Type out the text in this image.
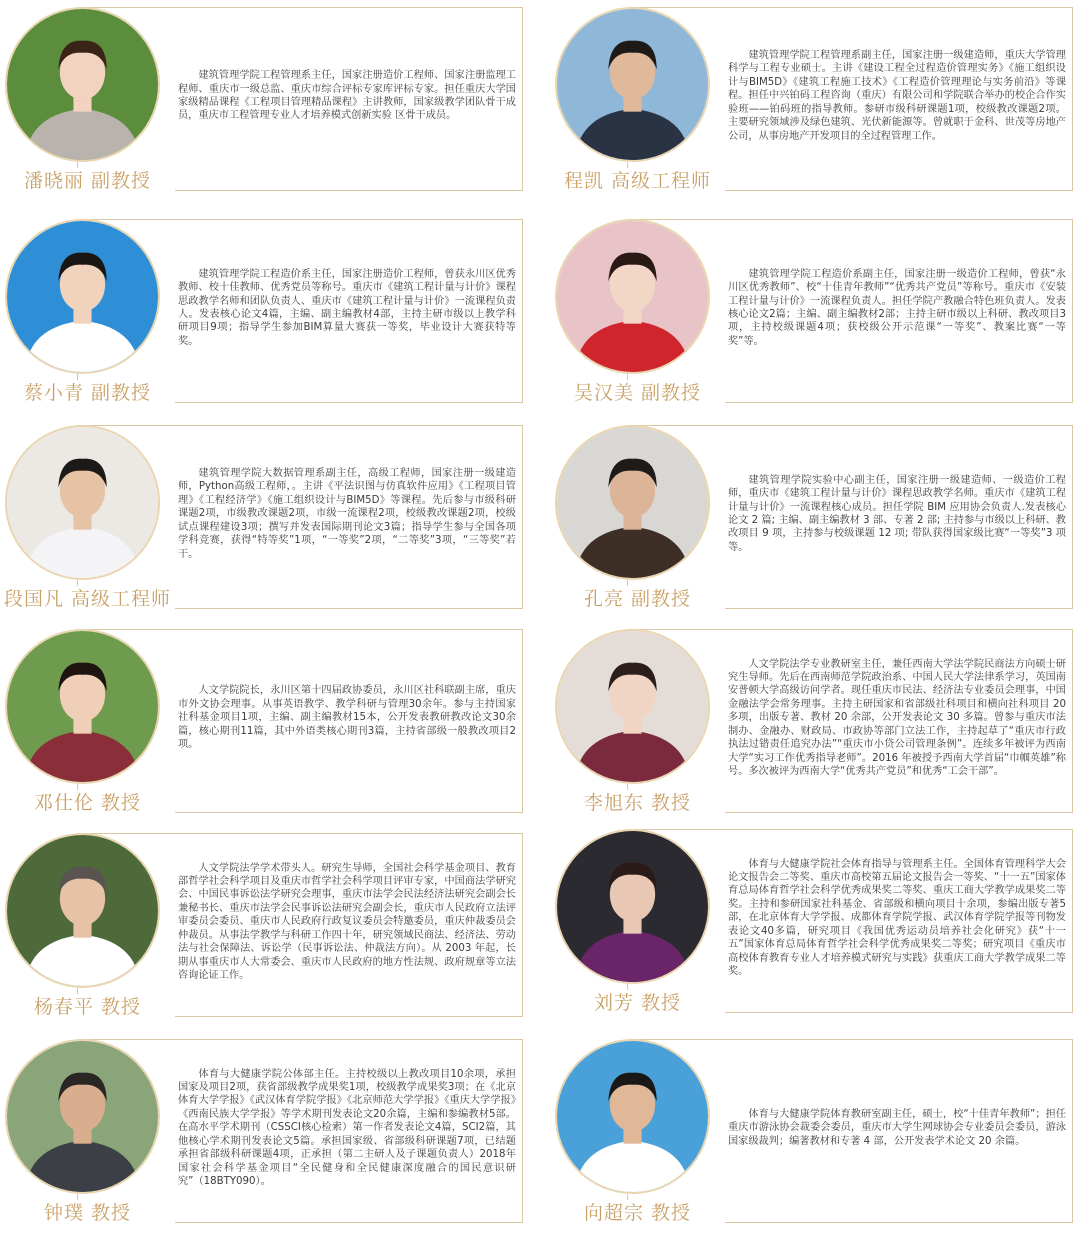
建筑管理学院工程管理系主任，国家注册造价工程师、国家注册监理工程师、重庆市一级总监、重庆市综合评标专家库评标专家。担任重庆大学国家级精品课程《工程项目管理精品课程》主讲教师，国家级教学团队骨干成员，重庆市工程管理专业人才培养模式创新实验 区骨干成员。

潘晓丽 副教授

建筑管理学院工程管理系副主任，国家注册一级建造师，重庆大学管理科学与工程专业硕士。主讲《建设工程全过程造价管理实务》《施工组织设计与BIM5D》《建筑工程施工技术》《工程造价管理理论与实务前沿》等课程。担任中兴铂码工程咨询（重庆）有限公司和学院联合举办的校企合作实验班——铂码班的指导教师。参研市级科研课题1项，校级教改课题2项。主要研究领域涉及绿色建筑、光伏新能源等。曾就职于金科、世茂等房地产公司，从事房地产开发项目的全过程管理工作。

程凯 高级工程师

建筑管理学院工程造价系主任，国家注册造价工程师，曾获永川区优秀教师、校十佳教师、优秀党员等称号。重庆市《建筑工程计量与计价》课程思政教学名师和团队负责人、重庆市《建筑工程计量与计价》一流课程负责人。发表核心论文4篇，主编、副主编教材4部，主持主研市级以上教学科研项目9项；指导学生参加BIM算量大赛获一等奖，毕业设计大赛获特等奖。

蔡小青 副教授

建筑管理学院工程造价系副主任，国家注册一级造价工程师，曾获“永川区优秀教师”、校“十佳青年教师”“优秀共产党员”等称号。重庆市《安装工程计量与计价》一流课程负责人。担任学院产教融合特色班负责人。发表核心论文2篇；主编、副主编教材2部；主持主研市级以上科研、教改项目3项，主持校级课题4项；获校级公开示范课“一等奖”、教案比赛“一等奖”等。

吴汉美 副教授

建筑管理学院大数据管理系副主任，高级工程师，国家注册一级建造师，Python高级工程师，。主讲《平法识图与仿真软件应用》《工程项目管理》《工程经济学》《施工组织设计与BIM5D》等课程。先后参与市级科研课题2项，市级教改课题2项，市级一流课程2项，校级教改课题2项，校级试点课程建设3项；撰写并发表国际期刊论文3篇；指导学生参与全国各项学科竞赛，获得“特等奖”1项，“一等奖”2项，“二等奖”3项，“三等奖”若干。

段国凡 高级工程师

建筑管理学院实验中心副主任，国家注册一级建造师、一级造价工程师，重庆市《建筑工程计量与计价》课程思政教学名师。重庆市《建筑工程计量与计价》一流课程核心成员。担任学院 BIM 应用协会负责人.发表核心论文 2 篇; 主编、副主编教材 3 部、专著 2 部; 主持参与市级以上科研、教改项目 9 项，主持参与校级课题 12 项; 带队获得国家级比赛“一等奖”3 项等。

孔亮 副教授

人文学院院长，永川区第十四届政协委员，永川区社科联副主席，重庆市外文协会理事。从事英语教学、教学科研与管理30余年。参与主持国家社科基金项目1项，主编、副主编教材15本，公开发表教研教改论文30余篇，核心期刊11篇，其中外语类核心期刊3篇，主持省部级一般教改项目2项。

邓仕伦 教授

人文学院法学专业教研室主任，兼任西南大学法学院民商法方向硕士研究生导师。先后在西南师范学院政治系、中国人民大学法律系学习，英国南安普顿大学高级访问学者。现任重庆市民法、经济法专业委员会理事，中国金融法学会常务理事。主持主研国家和省部级社科项目和横向社科项目 20 多项，出版专著、教材 20 余部，公开发表论文 30 多篇。曾参与重庆市法制办、金融办、财政局、市政协等部门立法工作，主持起草了“重庆市行政执法过错责任追究办法”“重庆市小贷公司管理条例”。连续多年被评为西南大学“实习工作优秀指导老师”。2016 年被授予西南大学首届“巾帼英雄”称号。多次被评为西南大学“优秀共产党员”和优秀“工会干部”。

李旭东 教授

人文学院法学学术带头人。研究生导师，全国社会科学基金项目、教育部哲学社会科学项目及重庆市哲学社会科学项目评审专家，中国商法学研究会、中国民事诉讼法学研究会理事，重庆市法学会民法经济法研究会副会长兼秘书长、重庆市法学会民事诉讼法研究会副会长，重庆市人民政府立法评审委员会委员、重庆市人民政府行政复议委员会特邀委员，重庆仲裁委员会仲裁员。从事法学教学与科研工作四十年，研究领域民商法、经济法、劳动法与社会保障法、诉讼学（民事诉讼法、仲裁法方向）。从 2003 年起，长期从事重庆市人大常委会、重庆市人民政府的地方性法规、政府规章等立法咨询论证工作。

杨春平 教授

体育与大健康学院社会体育指导与管理系主任。全国体育管理科学大会论文报告会二等奖、重庆市高校第五届论文报告会一等奖、“十一五”国家体育总局体育哲学社会科学优秀成果奖二等奖、重庆工商大学教学成果奖二等奖。主持和参研国家社科基金、省部级和横向项目十余项，参编出版专著5部，在北京体育大学学报、成都体育学院学报、武汉体育学院学报等刊物发表论文40多篇，研究项目《我国优秀运动员培养社会化研究》获“十一五”国家体育总局体育哲学社会科学优秀成果奖二等奖；研究项目《重庆市高校体育教育专业人才培养模式研究与实践》获重庆工商大学教学成果二等奖。

刘芳 教授

体育与大健康学院公体部主任。主持校级以上教改项目10余项，承担国家及项目2项，获省部级教学成果奖1项，校级教学成果奖3项；在《北京体育大学学报》《武汉体育学院学报》《北京师范大学学报》《重庆大学学报》《西南民族大学学报》等学术期刊发表论文20余篇，主编和参编教材5部。在高水平学术期刊（CSSCI核心检索）第一作者发表论文4篇，SCI2篇，其他核心学术期刊发表论文5篇。承担国家级、省部级科研课题7项，已结题承担省部级科研课题4项，正承担（第二主研人及子课题负责人）2018年国家社会科学基金项目“全民健身和全民健康深度融合的国民意识研究”（18BTY090）。

钟璞 教授

体育与大健康学院体育教研室副主任，硕士，校“十佳青年教师”；担任重庆市游泳协会裁委会委员，重庆市大学生网球协会专业委员会委员，游泳国家级裁判；编著教材和专著 4 部，公开发表学术论文 20 余篇。

向超宗 教授
